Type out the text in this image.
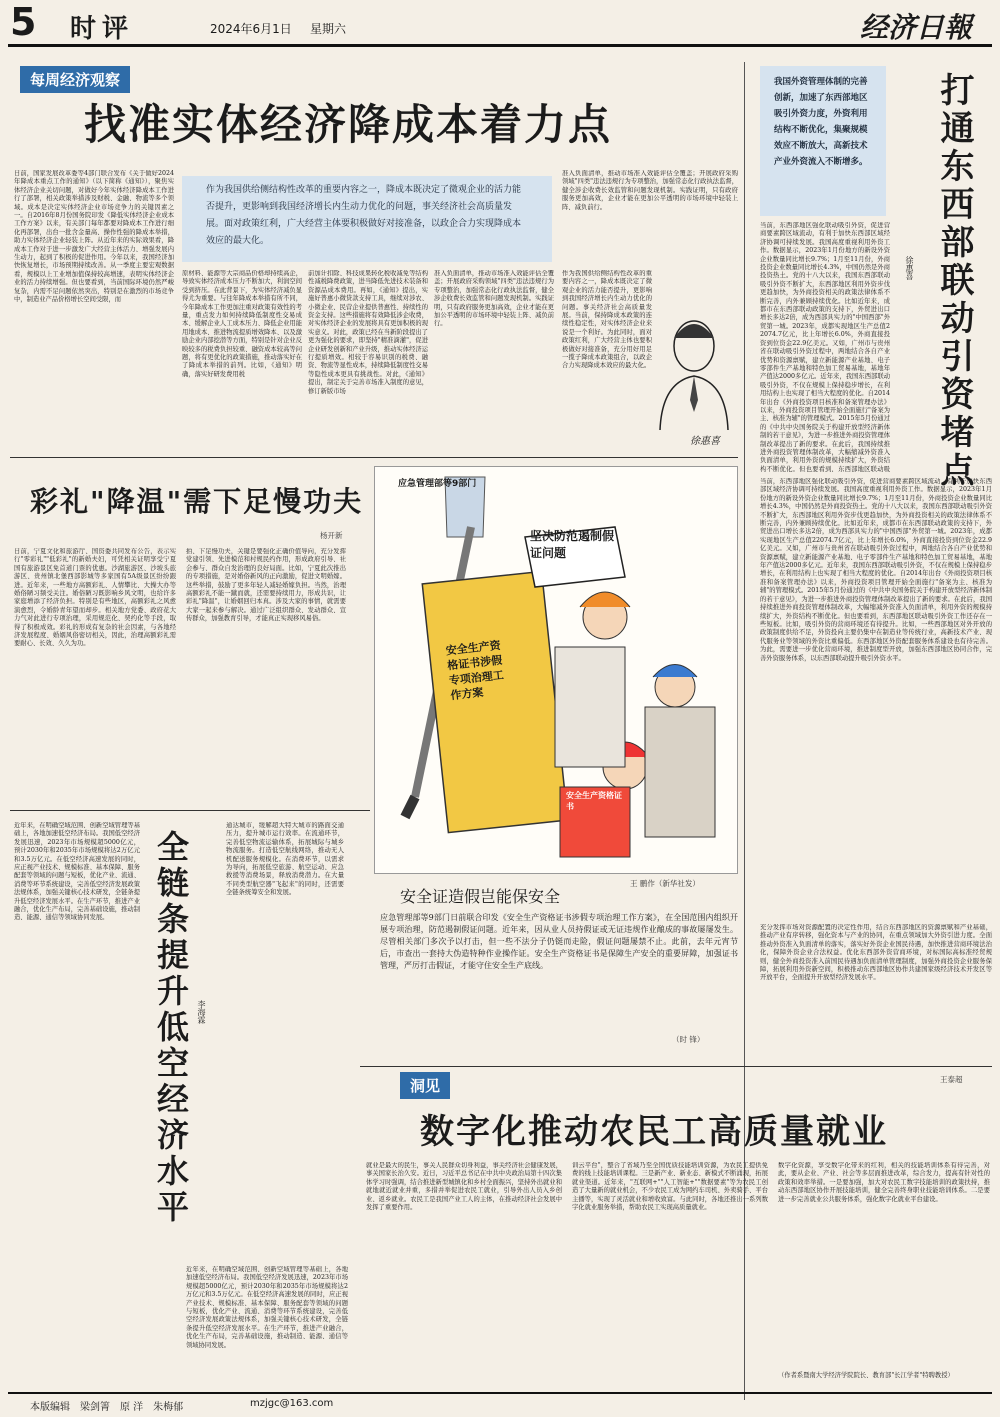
5 时评	2024年6月1日 星期六	经济日報
每周经济观察
找准实体经济降成本着力点
日前，国家发展改革委等4部门联合发布《关于做好2024年降成本重点工作的通知》（以下简称《通知》），聚焦实体经济企业关切问题，对做好今年实体经济降成本工作进行了部署，相关政策举措涉及财税、金融、物流等多个领域。成本是决定实体经济企业市场竞争力的关键因素之一。自2016年8月份国务院印发《降低实体经济企业成本工作方案》以来，有关部门每年都要对降成本工作进行细化再部署，出台一批含金量高、操作性强的降成本举措，助力实体经济企业轻装上阵。从近年来的实际效果看，降成本工作对于进一步激发广大经营主体活力、增强发展内生动力，起到了积极的促进作用。今年以来，我国经济加快恢复增长，市场预期持续改善。从一季度主要宏观数据看，规模以上工业增加值保持较高增速，表明实体经济企业的活力持续增强。但也要看到，当前国际环境仍然严峻复杂，内需不足问题依然突出，特别是在激烈的市场竞争中，制造业产品价格增长空间受限，而
作为我国供给侧结构性改革的重要内容之一，降成本既决定了微观企业的活力能否提升，更影响到我国经济增长内生动力优化的问题，事关经济社会高质量发展。面对政策红利，广大经营主体要积极做好对接准备，以政企合力实现降成本效应的最大化。
原材料、能源等大宗商品价格却持续高企，导致实体经济成本压力不断加大，利润空间受到挤压。在此背景下，为实体经济减负显得尤为重要。与往年降成本举措有所不同，今年降成本工作更加注重对政策有效性的考量，重点发力如何持续降低制度性交易成本、缓解企业人工成本压力、降低企业用能用地成本、推进物流提质增效降本、以及激励企业内部挖潜等方面，特别是针对企业反映较多的税费负担较重、融资成本较高等问题，将有更优化的政策措施，推动落实好在了降成本举措的前列。比如，《通知》明确，落实好研发费用税
前加计扣除、科技成果转化税收减免等结构性减税降费政策，进当降低先进技术装备和资源品成本费用。再如，《通知》提出，实施好普惠小微贷款支持工具，继续对涉农、小微企业、民营企业提供普惠性、持续性的资金支持。这些措施将有效降低涉企收费，对实体经济企业的发展将具有更加积极的现实意义。对此，政策已经在当新阶段提出了更为强化的要求，即坚持"精准滴灌"，促进企业研发创新和产业升级，推动实体经济运行提质增效。相较于容易识别的税费、融资、物流等显性成本，持续降低制度性交易等隐性成本更具有挑战性。对此，《通知》提出，制定关于完善市场准入制度的意见，修订新版市场
准入负面清单，推动市场准入效能评估全覆盖；开展政府采购领域"四类"违法违规行为专项整治，加强常态化行政执法监督，健全涉企收费长效监管和问题发现机制。实践证明，只有政府服务更加高效，企业才能在更加公平透明的市场环境中轻装上阵、减负前行。
准入负面清单，推动市场准入效能评估全覆盖；开展政府采购领域"四类"违法违规行为专项整治，加强常态化行政执法监督，健全涉企收费长效监管和问题发现机制。实践证明，只有政府服务更加高效，企业才能在更加公平透明的市场环境中轻装上阵、减负前行。
作为我国供给侧结构性改革的重要内容之一，降成本既决定了微观企业的活力能否提升，更影响到我国经济增长内生动力优化的问题。事关经济社会高质量发展。当前，保持降成本政策的连续性稳定性，对实体经济企业来说是一个利好。为此同时，面对政策红利，广大经营主体也要积极做好对接准备，充分用好用足一揽子降成本政策组合，以政企合力实现降成本效应的最大化。
徐惠喜
我国外资管理体制的完善创新，加速了东西部地区吸引外资力度，外资利用结构不断优化，集聚规模效应不断放大，高新技术产业外资流入不断增多。	打通东西部联动引资堵点
徐惠喜
当前，东西部地区强化联动吸引外资，促进营商要素跨区域流动，有利于加快东西部区域经济协调可持续发展。我国高度重视利用外资工作。数据显示，2023年1月份地方的新设外资企业数量同比增长9.7%；1月至11月份，外商投资企业数量同比增长4.3%，中国仍然是外商投资热土。党的十八大以来，我国东西部联动吸引外资不断扩大，东西部地区利用外资步伐更趋加快，为外商投资相关的政策法律体系不断完善，内外兼顾持续优化。比如近年来，成都市在东西部联动政策的支持下，外贸进出口增长多达2倍，成为西部具实力的"中国西部"外贸第一城。2023年，成都实现地区生产总值22074.7亿元，比上年增长6.0%，外商直接投资到位资金22.9亿美元。又如，广州市与贵州省在联动吸引外资过程中，两地结合各自产业优势和资源禀赋，建立新能源产业基地、电子零部件生产基地和特色加工贸易基地，基地年产值达2000多亿元。近年来，我国东西部联动吸引外资，不仅在规模上保持稳步增长，在利用结构上也实现了相当大程度的优化。自2014年出台《外商投资项目核准和备案管理办法》以来，外商投资项目管理开始全面施行"备案为主、核准为辅"的管理模式。2015年5月份通过的《中共中央国务院关于构建开放型经济新体制的若干意见》，为进一步推进外商投资管理体制改革提出了新的要求。在此后，我国持续推进外商投资管理体制改革，大幅缩减外资准入负面清单，利用外资的规模持续扩大，外资结构不断优化。但也要看到，东西部地区联动吸
当前，东西部地区强化联动吸引外资，促进营商要素跨区域流动，有利于加快东西部区域经济协调可持续发展。我国高度重视利用外资工作。数据显示，2023年1月份地方的新设外资企业数量同比增长9.7%；1月至11月份，外商投资企业数量同比增长4.3%，中国仍然是外商投资热土。党的十八大以来，我国东西部联动吸引外资不断扩大，东西部地区利用外资步伐更趋加快，为外商投资相关的政策法律体系不断完善，内外兼顾持续优化。比如近年来，成都市在东西部联动政策的支持下，外贸进出口增长多达2倍，成为西部具实力的"中国西部"外贸第一城。2023年，成都实现地区生产总值22074.7亿元，比上年增长6.0%，外商直接投资到位资金22.9亿美元。又如，广州市与贵州省在联动吸引外资过程中，两地结合各自产业优势和资源禀赋，建立新能源产业基地、电子零部件生产基地和特色加工贸易基地，基地年产值达2000多亿元。近年来，我国东西部联动吸引外资，不仅在规模上保持稳步增长，在利用结构上也实现了相当大程度的优化。自2014年出台《外商投资项目核准和备案管理办法》以来，外商投资项目管理开始全面施行"备案为主、核准为辅"的管理模式。2015年5月份通过的《中共中央国务院关于构建开放型经济新体制的若干意见》，为进一步推进外商投资管理体制改革提出了新的要求。在此后，我国持续推进外商投资管理体制改革，大幅缩减外资准入负面清单，利用外资的规模持续扩大，外资结构不断优化。但也要看到，东西部地区联动吸引外资工作还存在一些短板。比如，吸引外资的营商环境还有待提升。比如，一些西部地区对外开放的政策制度供给不足，外资投向主要仍集中在制造业等传统行业，高新技术产业、现代服务业等领域的外资比重偏低。东西部地区外资配套服务体系建设也有待完善。为此，需要进一步优化营商环境，推进制度型开放，加强东西部地区协同合作，完善外资服务体系，以东西部联动提升吸引外资水平。
充分发挥市场对资源配置的决定性作用，结合东西部地区的资源禀赋和产业基础，推动产业有序转移，强化资本与产业的协同，在重点领域加大外资引进力度。全面推动外资准入负面清单的落实，落实好外资企业国民待遇，加快推进营商环境法治化，保障外资企业合法权益。优化东西部外资营商环境，对标国际高标准经贸规则，健全外商投资准入前国民待遇加负面清单管理制度，加强外商投资企业服务保障，拓展利用外资新空间，积极推动东西部地区协作共建国家级经济技术开发区等开放平台，全面提升开放型经济发展水平。
彩礼"降温"需下足慢功夫
杨开新
日前，宁夏文化和旅游厅、国资委共同发布公告，表示实行"零彩礼""低彩礼"的新婚夫妇，可凭相关证明享受宁夏国有旅游景区免首道门票的优惠。沙湖旅游区、沙坡头旅游区、贵州镇北堡西部影城等多家国有5A级景区纷纷跟进。近年来，一些地方高额彩礼、人情攀比、大操大办等婚俗陋习频受关注。婚俗陋习既影响乡风文明，也给许多家庭增添了经济负担。特别是有些地区，高额彩礼之风愈演愈烈，令婚龄青年望而却步。相关地方党委、政府花大力气对此进行专项治理，采用规范化、契约化等手段，取得了积极成效。彩礼的形成有复杂的社会因素，与各地经济发展程度、婚姻风俗密切相关，因此，治理高额彩礼需要耐心、长效、久久为功。
拍、下足慢功夫，关键是要强化正确价值导向，充分发挥党建引领、先进模范和村规民约作用，形成政府引导、社会参与、群众自发治理的良好局面。比如，宁夏此次推出的专项措施，是对婚俗新风的正向激励，促进文明婚嫁。这些举措，鼓励了更多年轻人减轻婚嫁负担。当然，治理高额彩礼不能一蹴而就，还需要持续用力，形成共识，让彩礼"降温"，让婚姻回归本真。涉及大家的事情，就需要大家一起来参与解决。通过广泛组织群众、发动群众、宣传群众，加强教育引导，才能真正实现移风易俗。
应急管理部等9部门
坚决防范遏制假证问题
安全生产资格证书涉假专项治理工作方案
安全生产资格证书
王 鹏作（新华社发）
安全证造假岂能保安全
应急管理部等9部门日前联合印发《安全生产资格证书涉假专项治理工作方案》，在全国范围内组织开展专项治理，防范遏制假证问题。近年来，因从业人员持假证或无证违规作业酿成的事故屡屡发生。尽管相关部门多次予以打击，但一些不法分子仍铤而走险，假证问题屡禁不止。此前，去年元宵节后，市查出一套持大伪造特种作业操作证。安全生产资格证书是保障生产安全的重要屏障，加强证书管理，严厉打击假证，才能守住安全生产底线。
（时 锋）
近年来，在明确空域范围、创新空域管理等基础上，各地加速低空经济布局。我国低空经济发展迅速，2023年市场规模超5000亿元，预计2030年和2035年市场规模将达2万亿元和3.5万亿元。在低空经济高速发展的同时，应正视产业技术、规模标准、基本保障、服务配套等领域的问题与短板，优化产业、流通、消费等环节系统建设，完善低空经济发展政策法规体系，加强关键核心技术研发，全链条提升低空经济发展水平。在生产环节，推进产业融合，优化生产布局，完善基础设施，推动制造、能源、通信等领域协同发展。	全链条提升低空经济水平 李海霖
通达城市，缓解超大特大城市的路面交通压力，提升城市运行效率。在流通环节，完善低空物流运输体系，拓展城际与城乡物流服务。打造低空航线网络，推动无人机配送服务规模化。在消费环节，以需求为导向，拓展低空旅游、航空运动、应急救援等消费场景，释放消费潜力。在大量不同类型航空器"飞起来"的同时，还需要全链条统筹安全和发展。
近年来，在明确空域范围、创新空域管理等基础上，各地加速低空经济布局。我国低空经济发展迅速，2023年市场规模超5000亿元，预计2030年和2035年市场规模将达2万亿元和3.5万亿元。在低空经济高速发展的同时，应正视产业技术、规模标准、基本保障、服务配套等领域的问题与短板，优化产业、流通、消费等环节系统建设，完善低空经济发展政策法规体系，加强关键核心技术研发，全链条提升低空经济发展水平。在生产环节，推进产业融合，优化生产布局，完善基础设施，推动制造、能源、通信等领域协同发展。
洞见	王泰超
数字化推动农民工高质量就业
就业是最大的民生，事关人民群众切身利益，事关经济社会健康发展，事关国家长治久安。近日，习近平总书记在中共中央政治局第十四次集体学习时强调，结合推进新型城镇化和乡村全面振兴，坚持外出就业和就地就近就业并重，多措并举促进农民工就业，引导外出人员入乡创业、返乡就业。农民工是我国产业工人的主体，在推动经济社会发展中发挥了重要作用。
训云平台"，整合了省域乃至全国优质技能培训资源，为农民工提供免费的线上技能培训课程。三是新产业、新业态、新模式不断涌现，拓展就业渠道。近年来，"互联网+""人工智能+""数据要素"等为农民工创造了大量新的就业机会，不少农民工成为网约车司机、外卖骑手、平台主播等，实现了灵活就业和增收致富。与此同时，各地还推出一系列数字化就业服务举措，帮助农民工实现高质量就业。
数字化资源，享受数字化带来的红利，相关的技能培训体系有待完善，对此，要从企业、产业、社会等多层面推进改革，综合发力，提高有针对性的政策和效率举措。一是要加强，加大对农民工数字技能培训的政策扶持，推动东西部地区协作开展技能培训，健全完善终身职业技能培训体系。二是要进一步完善就业公共服务体系，强化数字化就业平台建设。
（作者系暨南大学经济学院院长、教育部"长江学者"特聘教授）
本版编辑　梁剑箐　原 洋　朱梅郁	mzjgc@163.com
